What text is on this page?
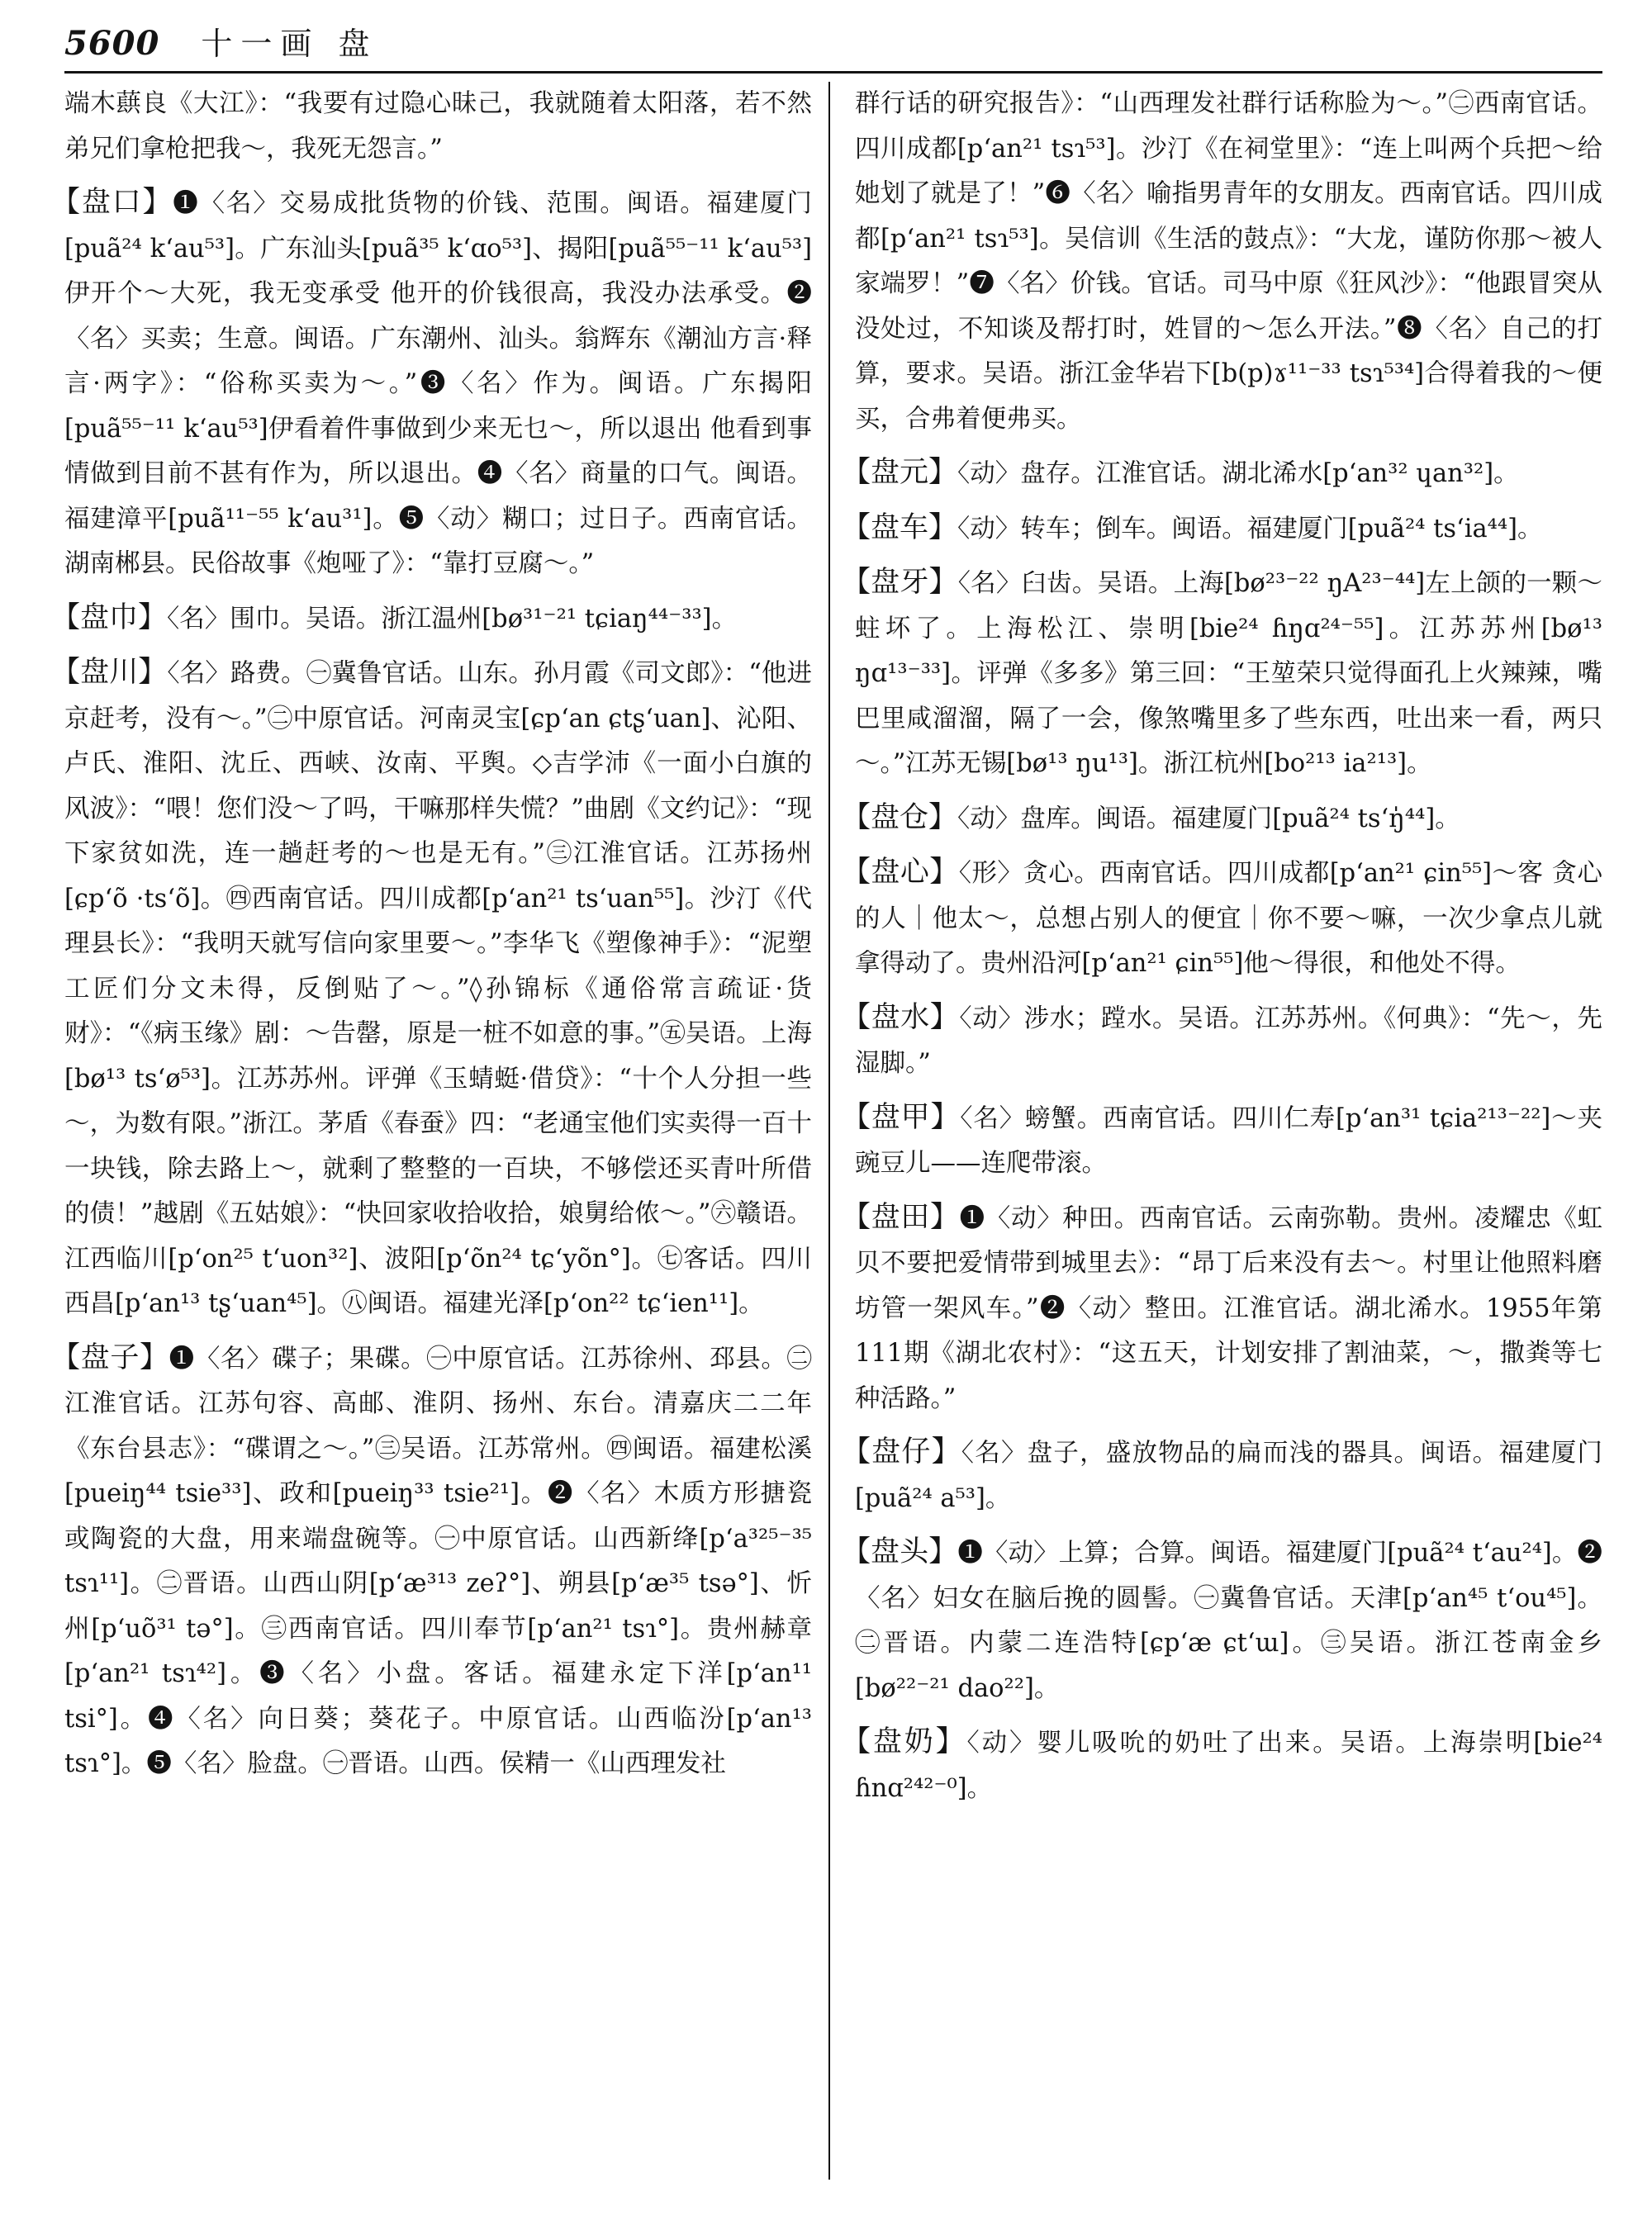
5600 十一画 盘

端木蕻良《大江》：“我要有过隐心昧己，我就随着太阳落，若不然弟兄们拿枪把我～，我死无怨言。”

【盘口】❶〈名〉交易成批货物的价钱、范围。闽语。福建厦门[puã²⁴ k‘au⁵³]。广东汕头[puã³⁵ k‘ɑo⁵³]、揭阳[puã⁵⁵⁻¹¹ k‘au⁵³]伊开个～大死，我无变承受 他开的价钱很高，我没办法承受。❷〈名〉买卖；生意。闽语。广东潮州、汕头。翁辉东《潮汕方言·释言·两字》：“俗称买卖为～。”❸〈名〉作为。闽语。广东揭阳[puã⁵⁵⁻¹¹ k‘au⁵³]伊看着件事做到少来无乜～，所以退出 他看到事情做到目前不甚有作为，所以退出。❹〈名〉商量的口气。闽语。福建漳平[puã¹¹⁻⁵⁵ k‘au³¹]。❺〈动〉糊口；过日子。西南官话。湖南郴县。民俗故事《炮哑了》：“靠打豆腐～。”

【盘巾】〈名〉围巾。吴语。浙江温州[bø³¹⁻²¹ tɕiaŋ⁴⁴⁻³³]。

【盘川】〈名〉路费。㊀冀鲁官话。山东。孙月霞《司文郎》：“他进京赶考，没有～。”㊁中原官话。河南灵宝[ɕp‘an ɕtʂ‘uan]、沁阳、卢氏、淮阳、沈丘、西峡、汝南、平舆。◇吉学沛《一面小白旗的风波》：“喂！您们没～了吗，干嘛那样失慌？”曲剧《文约记》：“现下家贫如洗，连一趟赶考的～也是无有。”㊂江淮官话。江苏扬州[ɕp‘õ ·ts‘õ]。㊃西南官话。四川成都[p‘an²¹ ts‘uan⁵⁵]。沙汀《代理县长》：“我明天就写信向家里要～。”李华飞《塑像神手》：“泥塑工匠们分文未得，反倒贴了～。”◊孙锦标《通俗常言疏证·货财》：“《病玉缘》剧：～告罄，原是一桩不如意的事。”㊄吴语。上海[bø¹³ ts‘ø⁵³]。江苏苏州。评弹《玉蜻蜓·借贷》：“十个人分担一些～，为数有限。”浙江。茅盾《春蚕》四：“老通宝他们实卖得一百十一块钱，除去路上～，就剩了整整的一百块，不够偿还买青叶所借的债！”越剧《五姑娘》：“快回家收拾收拾，娘舅给侬～。”㊅赣语。江西临川[p‘on²⁵ t‘uon³²]、波阳[p‘õn²⁴ tɕ‘yõn°]。㊆客话。四川西昌[p‘an¹³ tʂ‘uan⁴⁵]。㊇闽语。福建光泽[p‘on²² tɕ‘ien¹¹]。

【盘子】❶〈名〉碟子；果碟。㊀中原官话。江苏徐州、邳县。㊁江淮官话。江苏句容、高邮、淮阴、扬州、东台。清嘉庆二二年《东台县志》：“碟谓之～。”㊂吴语。江苏常州。㊃闽语。福建松溪[pueiŋ⁴⁴ tsie³³]、政和[pueiŋ³³ tsie²¹]。❷〈名〉木质方形搪瓷或陶瓷的大盘，用来端盘碗等。㊀中原官话。山西新绛[p‘a³²⁵⁻³⁵ tsɿ¹¹]。㊁晋语。山西山阴[p‘æ³¹³ zeʔ°]、朔县[p‘æ³⁵ tsə°]、忻州[p‘uõ³¹ tə°]。㊂西南官话。四川奉节[p‘an²¹ tsɿ°]。贵州赫章[p‘an²¹ tsɿ⁴²]。❸〈名〉小盘。客话。福建永定下洋[p‘an¹¹ tsi°]。❹〈名〉向日葵；葵花子。中原官话。山西临汾[p‘an¹³ tsɿ°]。❺〈名〉脸盘。㊀晋语。山西。侯精一《山西理发社

群行话的研究报告》：“山西理发社群行话称脸为～。”㊁西南官话。四川成都[p‘an²¹ tsɿ⁵³]。沙汀《在祠堂里》：“连上叫两个兵把～给她划了就是了！”❻〈名〉喻指男青年的女朋友。西南官话。四川成都[p‘an²¹ tsɿ⁵³]。吴信训《生活的鼓点》：“大龙，谨防你那～被人家端罗！”❼〈名〉价钱。官话。司马中原《狂风沙》：“他跟冒突从没处过，不知谈及帮打时，姓冒的～怎么开法。”❽〈名〉自己的打算，要求。吴语。浙江金华岩下[b(p)ɤ¹¹⁻³³ tsɿ⁵³⁴]合得着我的～便买，合弗着便弗买。

【盘元】〈动〉盘存。江淮官话。湖北浠水[p‘an³² ɥan³²]。

【盘车】〈动〉转车；倒车。闽语。福建厦门[puã²⁴ ts‘ia⁴⁴]。

【盘牙】〈名〉臼齿。吴语。上海[bø²³⁻²² ŋA²³⁻⁴⁴]左上颌的一颗～蛀坏了。上海松江、崇明[bie²⁴ ɦŋɑ²⁴⁻⁵⁵]。江苏苏州[bø¹³ ŋɑ¹³⁻³³]。评弹《多多》第三回：“王堃荣只觉得面孔上火辣辣，嘴巴里咸溜溜，隔了一会，像煞嘴里多了些东西，吐出来一看，两只～。”江苏无锡[bø¹³ ŋu¹³]。浙江杭州[bo²¹³ ia²¹³]。

【盘仓】〈动〉盘库。闽语。福建厦门[puã²⁴ ts‘ŋ̍⁴⁴]。

【盘心】〈形〉贪心。西南官话。四川成都[p‘an²¹ ɕin⁵⁵]～客 贪心的人｜他太～，总想占别人的便宜｜你不要～嘛，一次少拿点儿就拿得动了。贵州沿河[p‘an²¹ ɕin⁵⁵]他～得很，和他处不得。

【盘水】〈动〉涉水；蹚水。吴语。江苏苏州。《何典》：“先～，先湿脚。”

【盘甲】〈名〉螃蟹。西南官话。四川仁寿[p‘an³¹ tɕia²¹³⁻²²]～夹豌豆儿——连爬带滚。

【盘田】❶〈动〉种田。西南官话。云南弥勒。贵州。凌耀忠《虹贝不要把爱情带到城里去》：“昂丁后来没有去～。村里让他照料磨坊管一架风车。”❷〈动〉整田。江淮官话。湖北浠水。1955年第111期《湖北农村》：“这五天，计划安排了割油菜，～，撒粪等七种活路。”

【盘仔】〈名〉盘子，盛放物品的扁而浅的器具。闽语。福建厦门[puã²⁴ a⁵³]。

【盘头】❶〈动〉上算；合算。闽语。福建厦门[puã²⁴ t‘au²⁴]。❷〈名〉妇女在脑后挽的圆髻。㊀冀鲁官话。天津[p‘an⁴⁵ t‘ou⁴⁵]。㊁晋语。内蒙二连浩特[ɕp‘æ ɕt‘ɯ]。㊂吴语。浙江苍南金乡[bø²²⁻²¹ dao²²]。

【盘奶】〈动〉婴儿吸吮的奶吐了出来。吴语。上海崇明[bie²⁴ ɦnɑ²⁴²⁻⁰]。
